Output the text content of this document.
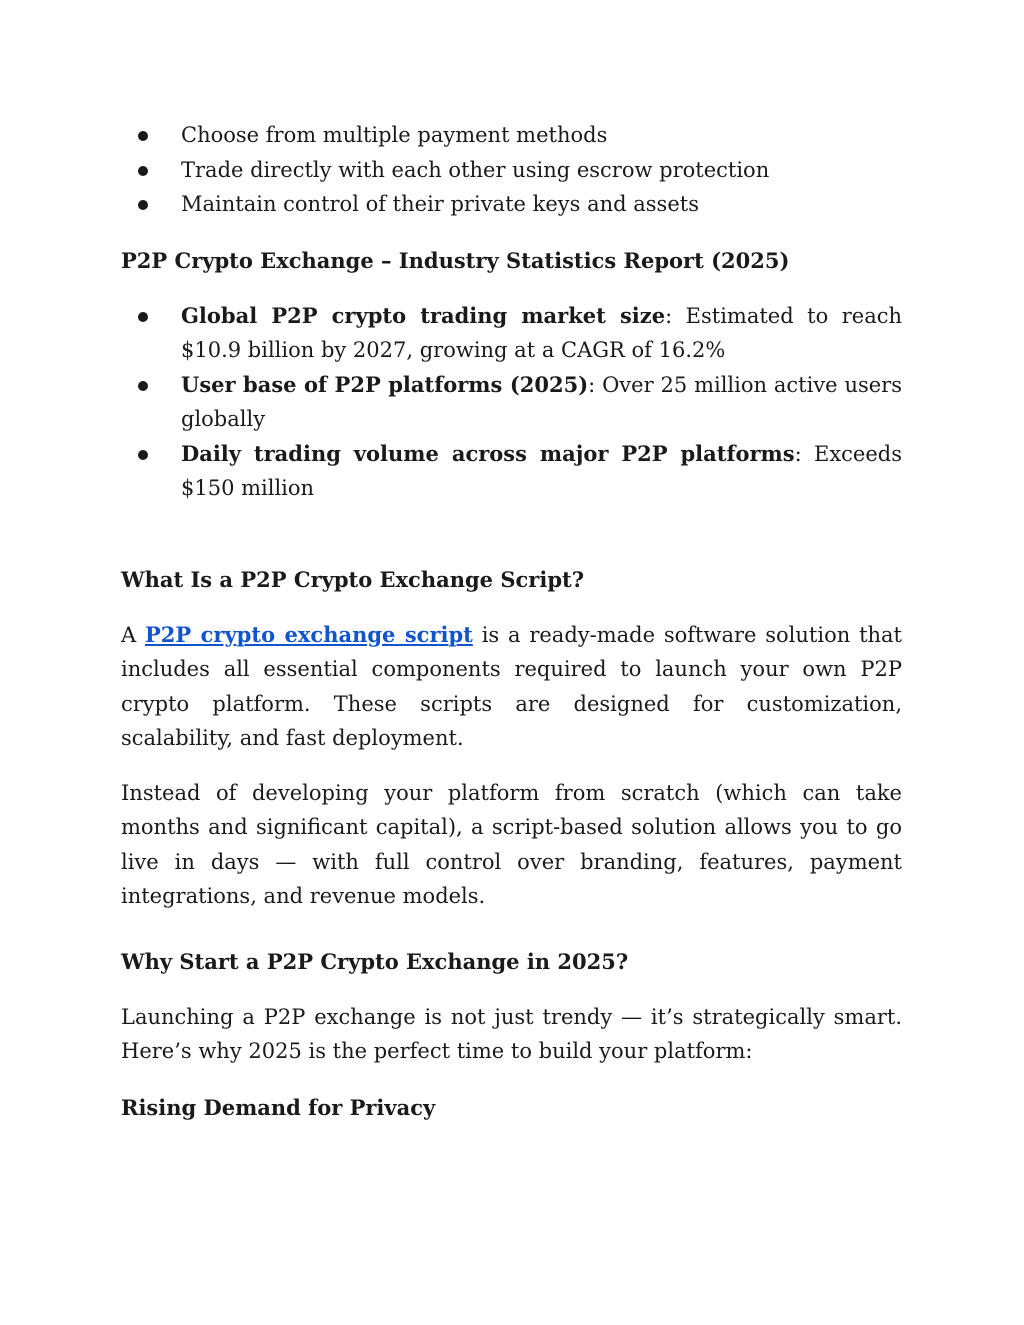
Choose from multiple payment methods
Trade directly with each other using escrow protection
Maintain control of their private keys and assets

P2P Crypto Exchange – Industry Statistics Report (2025)

Global P2P crypto trading market size: Estimated to reach $10.9 billion by 2027, growing at a CAGR of 16.2%
User base of P2P platforms (2025): Over 25 million active users globally
Daily trading volume across major P2P platforms: Exceeds $150 million

What Is a P2P Crypto Exchange Script?

A P2P crypto exchange script is a ready-made software solution that includes all essential components required to launch your own P2P crypto platform. These scripts are designed for customization, scalability, and fast deployment.

Instead of developing your platform from scratch (which can take months and significant capital), a script-based solution allows you to go live in days — with full control over branding, features, payment integrations, and revenue models.

Why Start a P2P Crypto Exchange in 2025?

Launching a P2P exchange is not just trendy — it’s strategically smart. Here’s why 2025 is the perfect time to build your platform:

Rising Demand for Privacy
